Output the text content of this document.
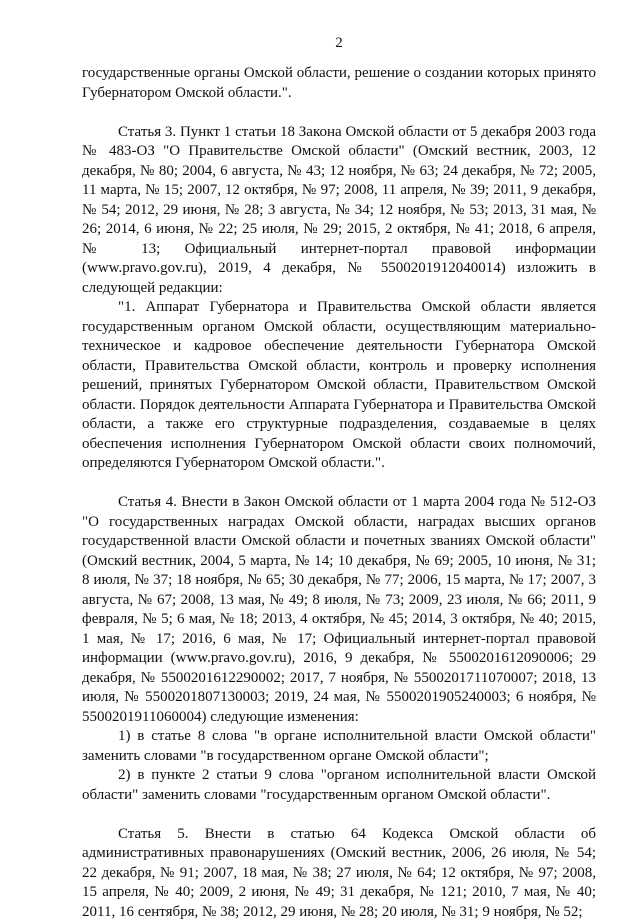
2

государственные органы Омской области, решение о создании которых принято Губернатором Омской области.".

Статья 3. Пункт 1 статьи 18 Закона Омской области от 5 декабря 2003 года № 483-ОЗ "О Правительстве Омской области" (Омский вестник, 2003, 12 декабря, № 80; 2004, 6 августа, № 43; 12 ноября, № 63; 24 декабря, № 72; 2005, 11 марта, № 15; 2007, 12 октября, № 97; 2008, 11 апреля, № 39; 2011, 9 декабря, № 54; 2012, 29 июня, № 28; 3 августа, № 34; 12 ноября, № 53; 2013, 31 мая, № 26; 2014, 6 июня, № 22; 25 июля, № 29; 2015, 2 октября, № 41; 2018, 6 апреля, № 13; Официальный интернет-портал правовой информации (www.pravo.gov.ru), 2019, 4 декабря, № 5500201912040014) изложить в следующей редакции:

"1. Аппарат Губернатора и Правительства Омской области является государственным органом Омской области, осуществляющим материально-техническое и кадровое обеспечение деятельности Губернатора Омской области, Правительства Омской области, контроль и проверку исполнения решений, принятых Губернатором Омской области, Правительством Омской области. Порядок деятельности Аппарата Губернатора и Правительства Омской области, а также его структурные подразделения, создаваемые в целях обеспечения исполнения Губернатором Омской области своих полномочий, определяются Губернатором Омской области.".

Статья 4. Внести в Закон Омской области от 1 марта 2004 года № 512-ОЗ "О государственных наградах Омской области, наградах высших органов государственной власти Омской области и почетных званиях Омской области" (Омский вестник, 2004, 5 марта, № 14; 10 декабря, № 69; 2005, 10 июня, № 31; 8 июля, № 37; 18 ноября, № 65; 30 декабря, № 77; 2006, 15 марта, № 17; 2007, 3 августа, № 67; 2008, 13 мая, № 49; 8 июля, № 73; 2009, 23 июля, № 66; 2011, 9 февраля, № 5; 6 мая, № 18; 2013, 4 октября, № 45; 2014, 3 октября, № 40; 2015, 1 мая, № 17; 2016, 6 мая, № 17; Официальный интернет-портал правовой информации (www.pravo.gov.ru), 2016, 9 декабря, № 5500201612090006; 29 декабря, № 5500201612290002; 2017, 7 ноября, № 5500201711070007; 2018, 13 июля, № 5500201807130003; 2019, 24 мая, № 5500201905240003; 6 ноября, № 5500201911060004) следующие изменения:

1) в статье 8 слова "в органе исполнительной власти Омской области" заменить словами "в государственном органе Омской области";

2) в пункте 2 статьи 9 слова "органом исполнительной власти Омской области" заменить словами "государственным органом Омской области".

Статья 5. Внести в статью 64 Кодекса Омской области об административных правонарушениях (Омский вестник, 2006, 26 июля, № 54; 22 декабря, № 91; 2007, 18 мая, № 38; 27 июля, № 64; 12 октября, № 97; 2008, 15 апреля, № 40; 2009, 2 июня, № 49; 31 декабря, № 121; 2010, 7 мая, № 40; 2011, 16 сентября, № 38; 2012, 29 июня, № 28; 20 июля, № 31; 9 ноября, № 52;
